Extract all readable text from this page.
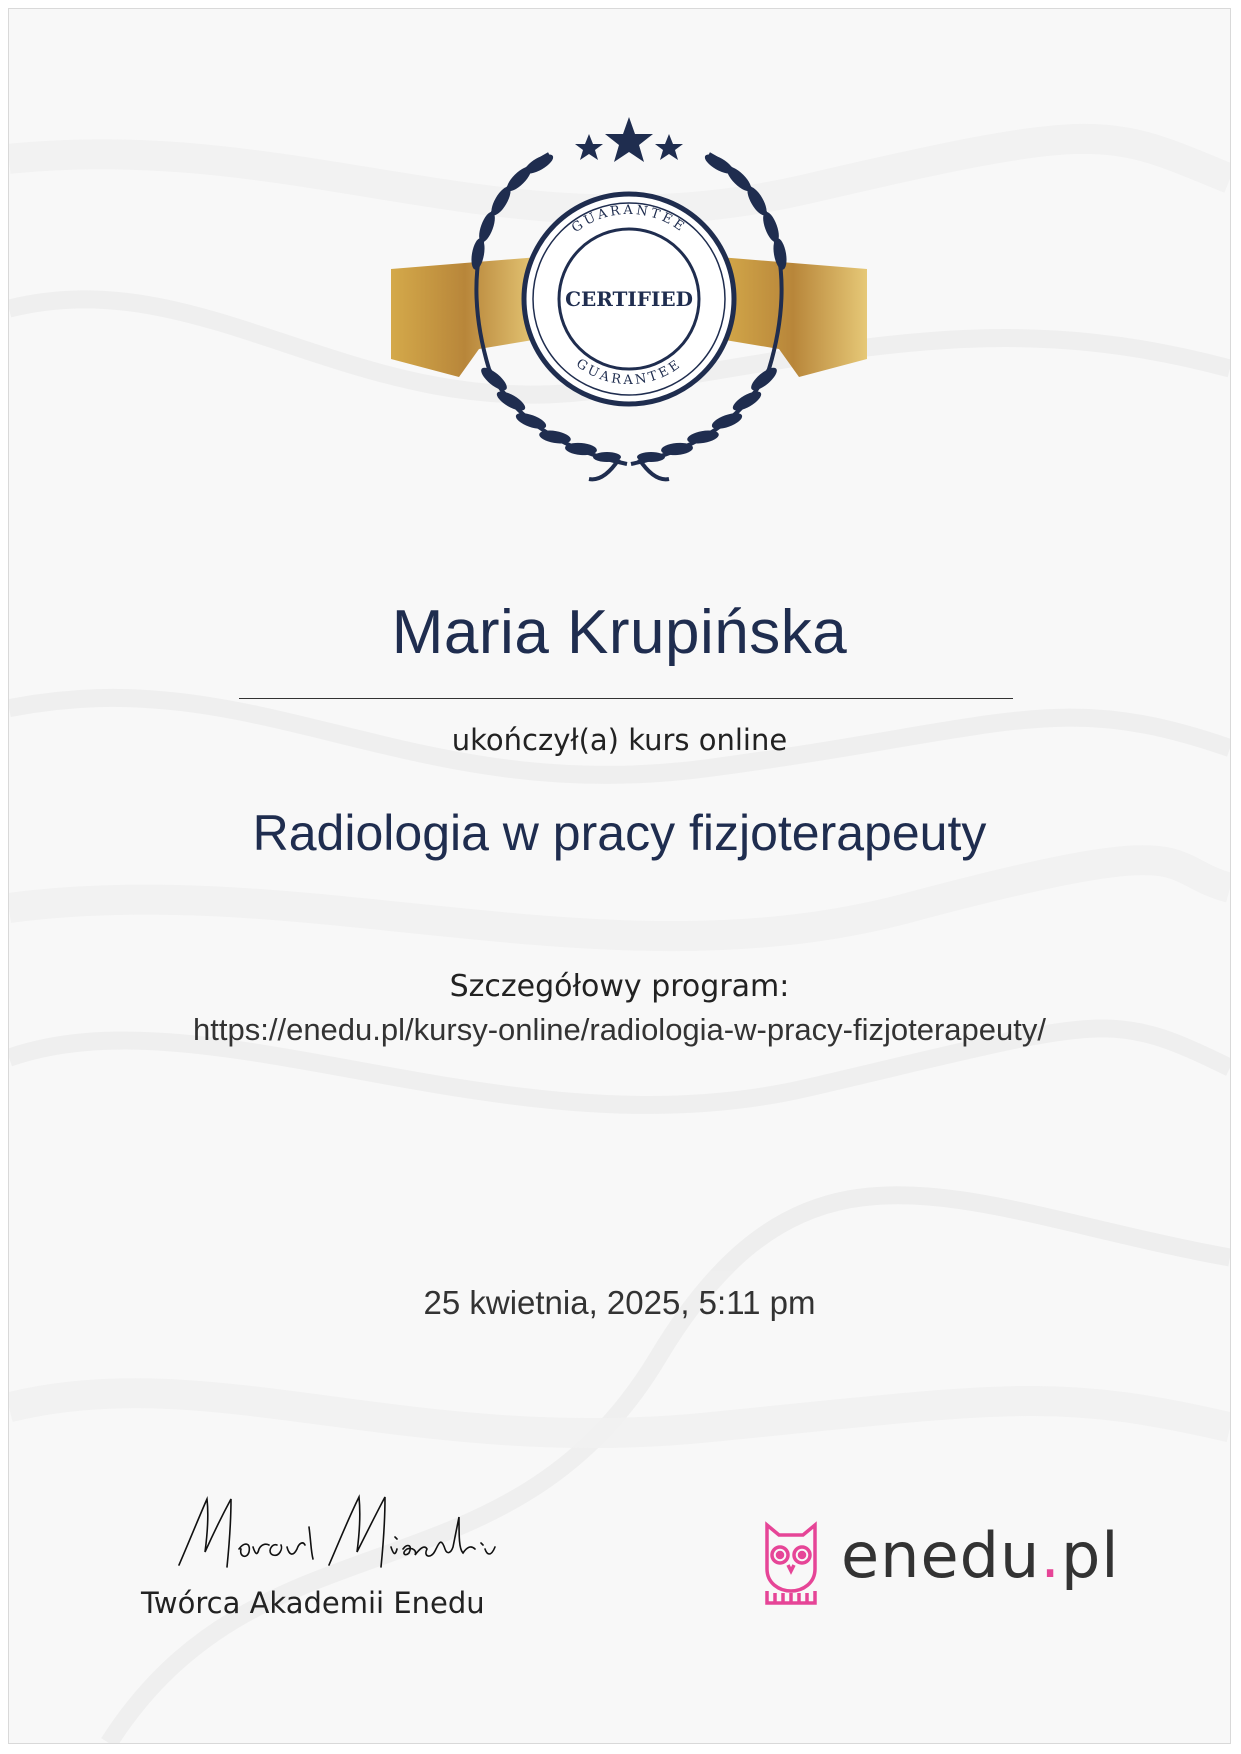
GUARANTEE
GUARANTEE
CERTIFIED
Maria Krupińska
ukończył(a) kurs online
Radiologia w pracy fizjoterapeuty
Szczegółowy program:
https://enedu.pl/kursy-online/radiologia-w-pracy-fizjoterapeuty/
25 kwietnia, 2025, 5:11 pm
Twórca Akademii Enedu
enedu.pl
